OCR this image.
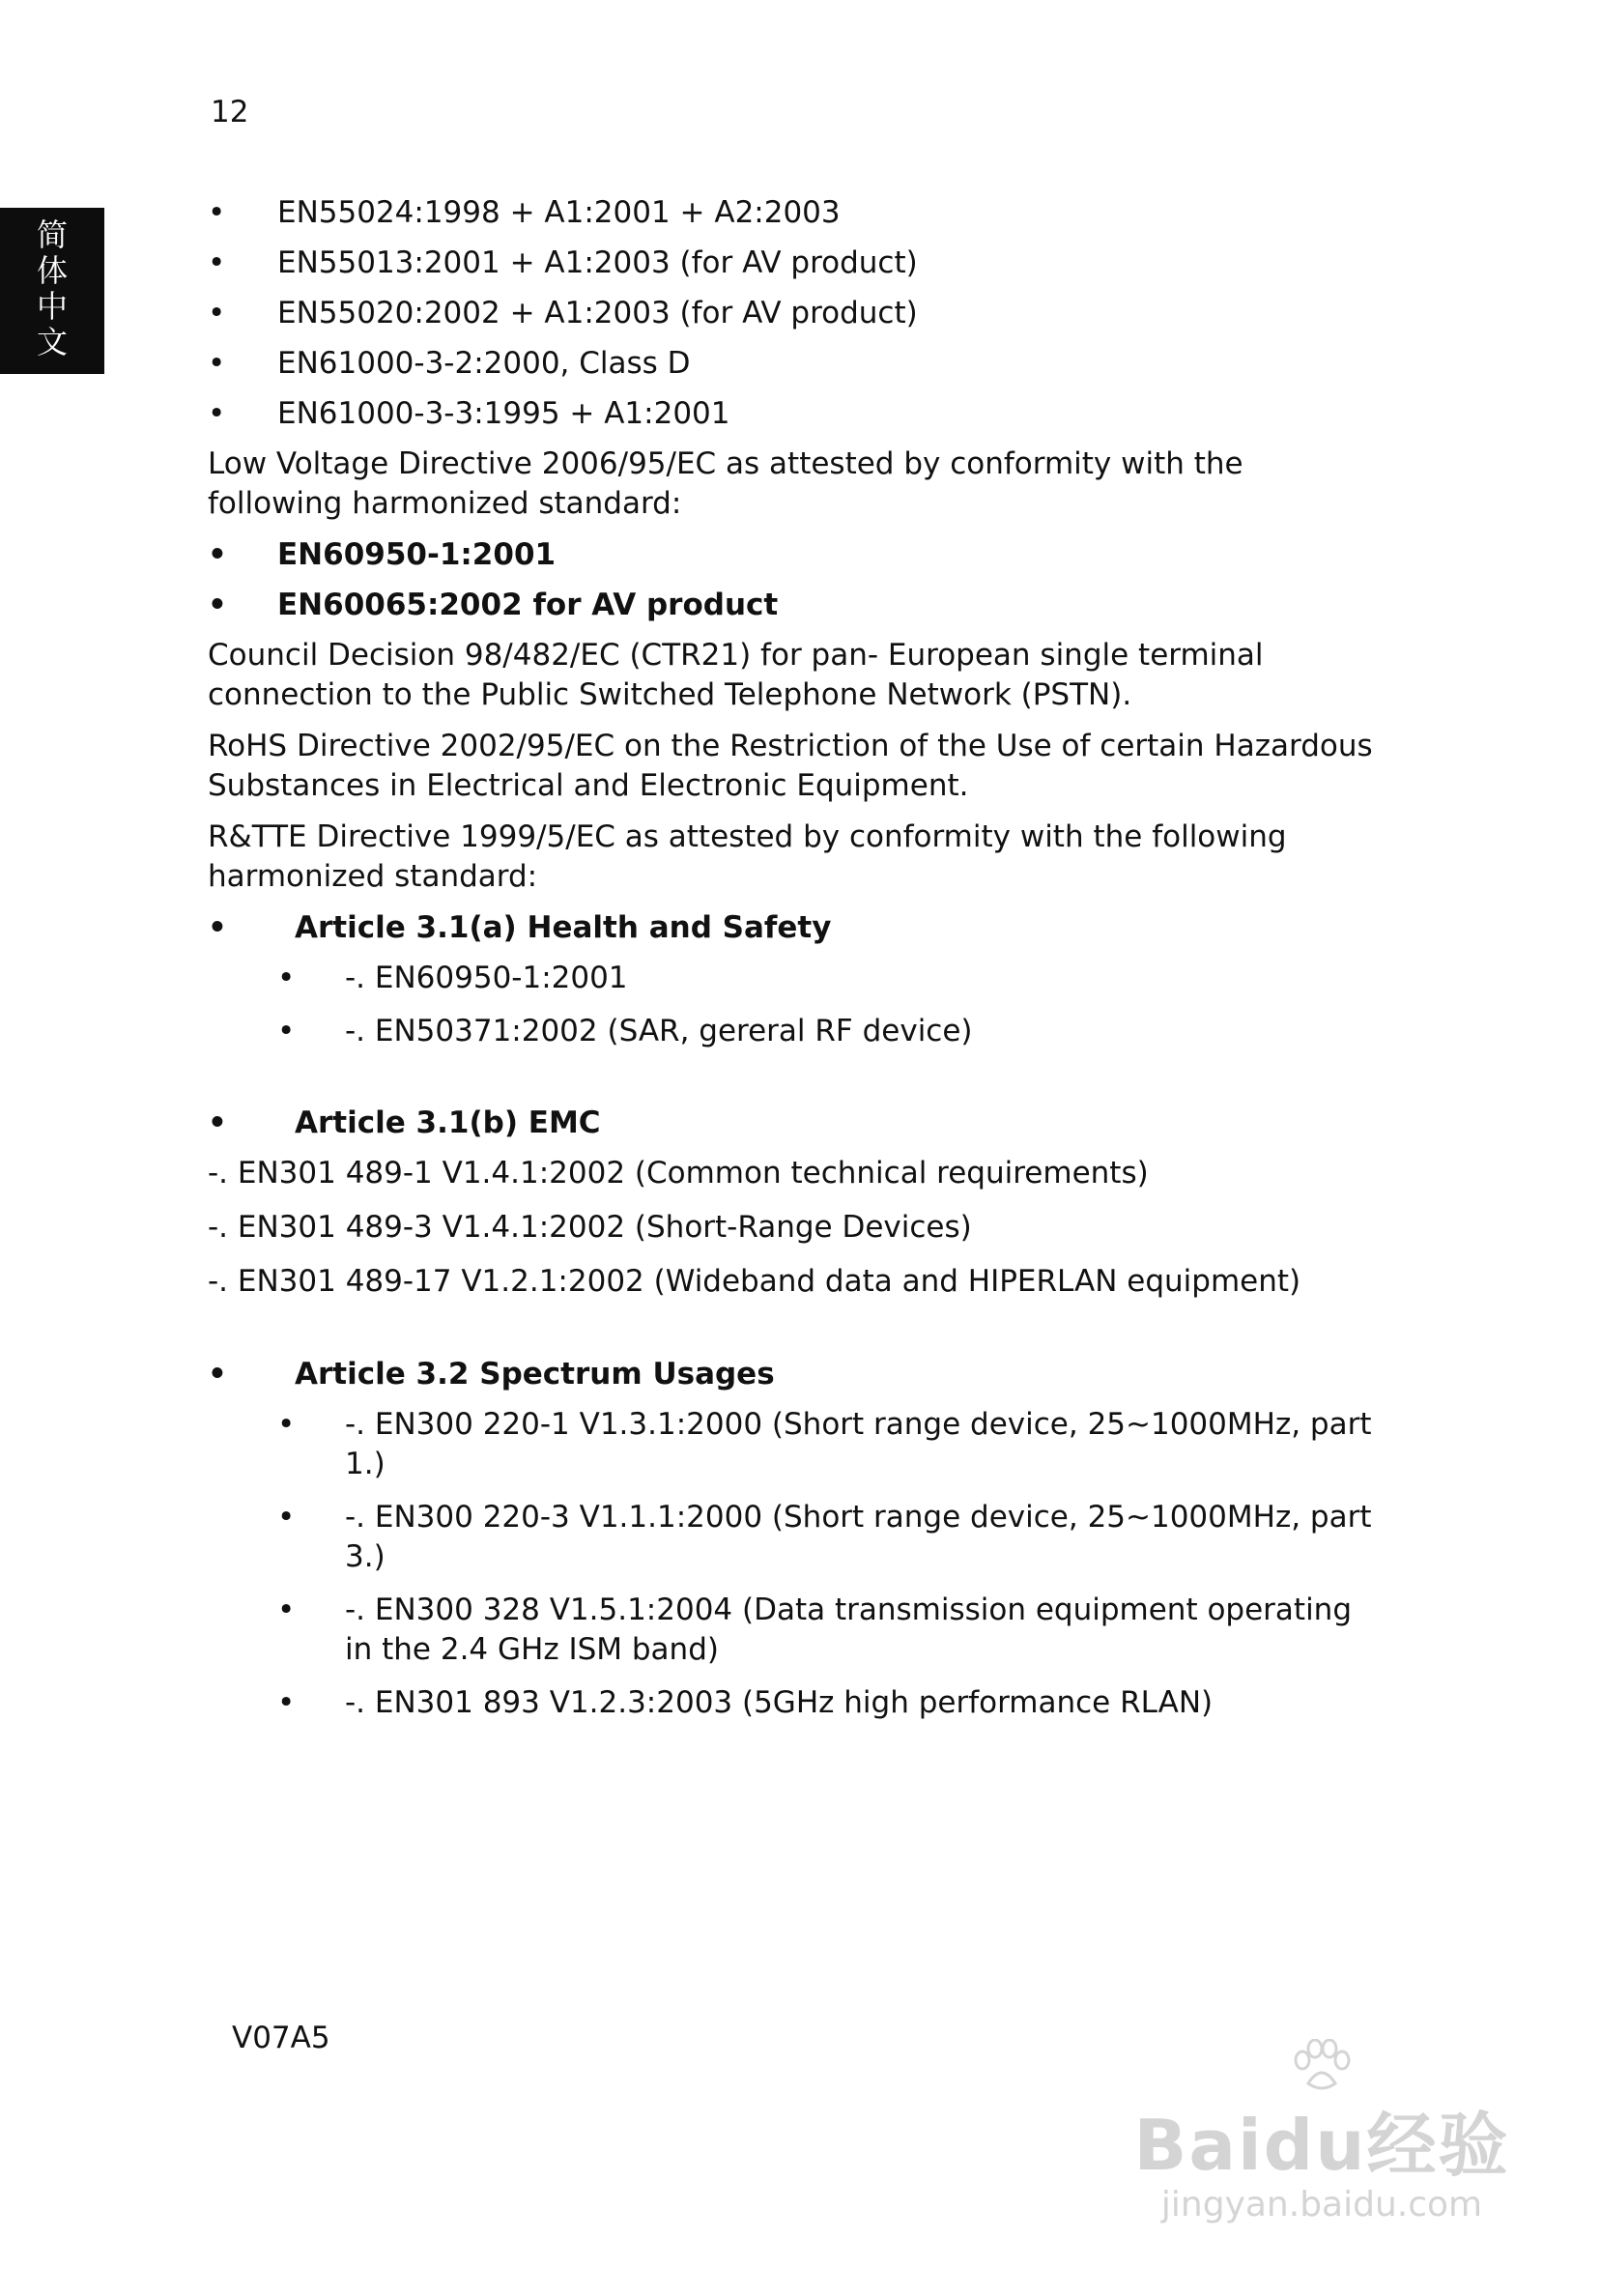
12
简
体
中
文
• EN55024:1998 + A1:2001 + A2:2003
• EN55013:2001 + A1:2003 (for AV product)
• EN55020:2002 + A1:2003 (for AV product)
• EN61000-3-2:2000, Class D
• EN61000-3-3:1995 + A1:2001

Low Voltage Directive 2006/95/EC as attested by conformity with the following harmonized standard:

• EN60950-1:2001
• EN60065:2002 for AV product

Council Decision 98/482/EC (CTR21) for pan- European single terminal connection to the Public Switched Telephone Network (PSTN).

RoHS Directive 2002/95/EC on the Restriction of the Use of certain Hazardous Substances in Electrical and Electronic Equipment.

R&TTE Directive 1999/5/EC as attested by conformity with the following harmonized standard:

• Article 3.1(a) Health and Safety
• -. EN60950-1:2001
• -. EN50371:2002 (SAR, gereral RF device)
• Article 3.1(b) EMC
-. EN301 489-1 V1.4.1:2002 (Common technical requirements)
-. EN301 489-3 V1.4.1:2002 (Short-Range Devices)
-. EN301 489-17 V1.2.1:2002 (Wideband data and HIPERLAN equipment)
• Article 3.2 Spectrum Usages
• -. EN300 220-1 V1.3.1:2000 (Short range device, 25~1000MHz, part 1.)
• -. EN300 220-3 V1.1.1:2000 (Short range device, 25~1000MHz, part 3.)
• -. EN300 328 V1.5.1:2004 (Data transmission equipment operating in the 2.4 GHz ISM band)
• -. EN301 893 V1.2.3:2003 (5GHz high performance RLAN)
V07A5
Baidu经验
jingyan.baidu.com
